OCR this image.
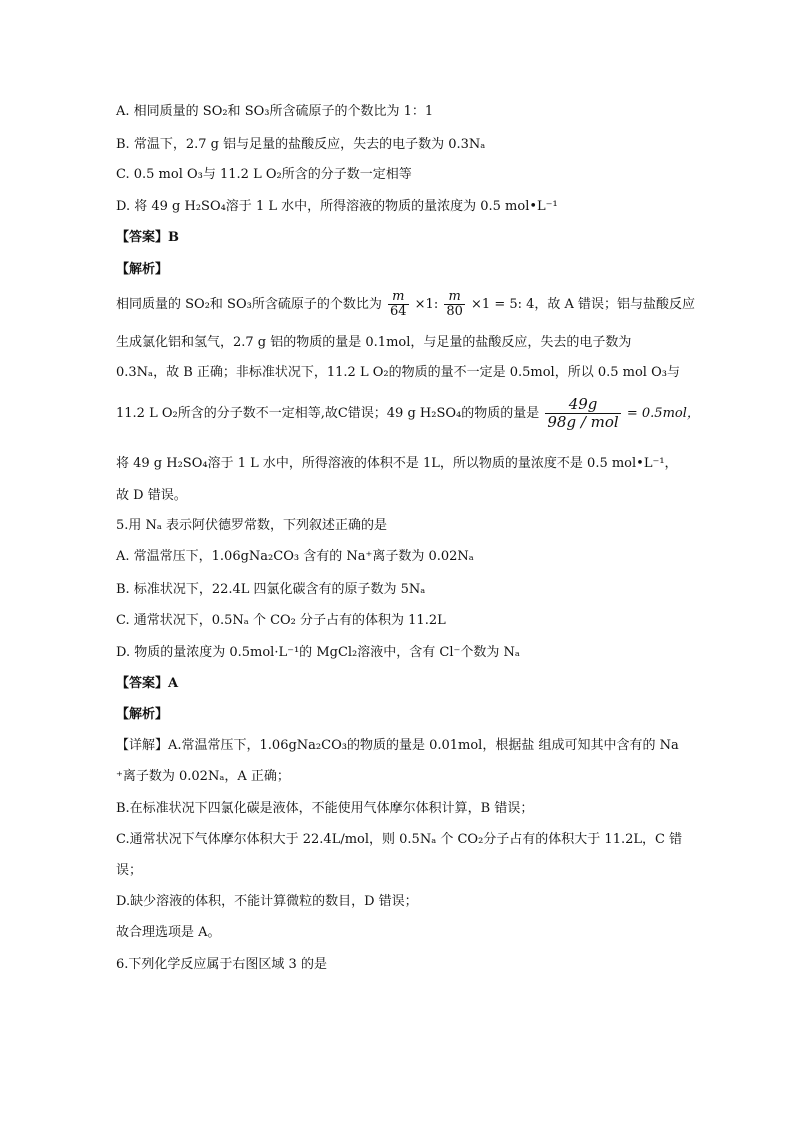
A. 相同质量的 SO₂和 SO₃所含硫原子的个数比为 1：1
B. 常温下，2.7 g 铝与足量的盐酸反应，失去的电子数为 0.3Nₐ
C. 0.5 mol O₃与 11.2 L O₂所含的分子数一定相等
D. 将 49 g H₂SO₄溶于 1 L 水中，所得溶液的物质的量浓度为 0.5 mol•L⁻¹
【答案】B
【解析】
相同质量的 SO₂和 SO₃所含硫原子的个数比为 $\frac{m}{64} \times 1$: $\frac{m}{80} \times 1 = 5$: 4，故 A 错误；铝与盐酸反应
生成氯化铝和氢气，2.7 g 铝的物质的量是 0.1mol，与足量的盐酸反应，失去的电子数为
0.3Nₐ，故 B 正确；非标准状况下，11.2 L O₂的物质的量不一定是 0.5mol，所以 0.5 mol O₃与
11.2 L O₂所含的分子数不一定相等,故C错误；49 g H₂SO₄的物质的量是 $\frac{49g}{\text{98g / mol}} = 0.5mol$，
将 49 g H₂SO₄溶于 1 L 水中，所得溶液的体积不是 1L，所以物质的量浓度不是 0.5 mol•L⁻¹，
故 D 错误。
5.用 Nₐ 表示阿伏德罗常数，下列叙述正确的是
A. 常温常压下，1.06gNa₂CO₃ 含有的 Na⁺离子数为 0.02Nₐ
B. 标准状况下，22.4L 四氯化碳含有的原子数为 5Nₐ
C. 通常状况下，0.5Nₐ 个 CO₂ 分子占有的体积为 11.2L
D. 物质的量浓度为 0.5mol·L⁻¹的 MgCl₂溶液中，含有 Cl⁻个数为 Nₐ
【答案】A
【解析】
【详解】A.常温常压下，1.06gNa₂CO₃的物质的量是 0.01mol，根据盐 组成可知其中含有的 Na
⁺离子数为 0.02Nₐ，A 正确；
B.在标准状况下四氯化碳是液体，不能使用气体摩尔体积计算，B 错误；
C.通常状况下气体摩尔体积大于 22.4L/mol，则 0.5Nₐ 个 CO₂分子占有的体积大于 11.2L，C 错
误；
D.缺少溶液的体积，不能计算微粒的数目，D 错误；
故合理选项是 A。
6.下列化学反应属于右图区域 3 的是
